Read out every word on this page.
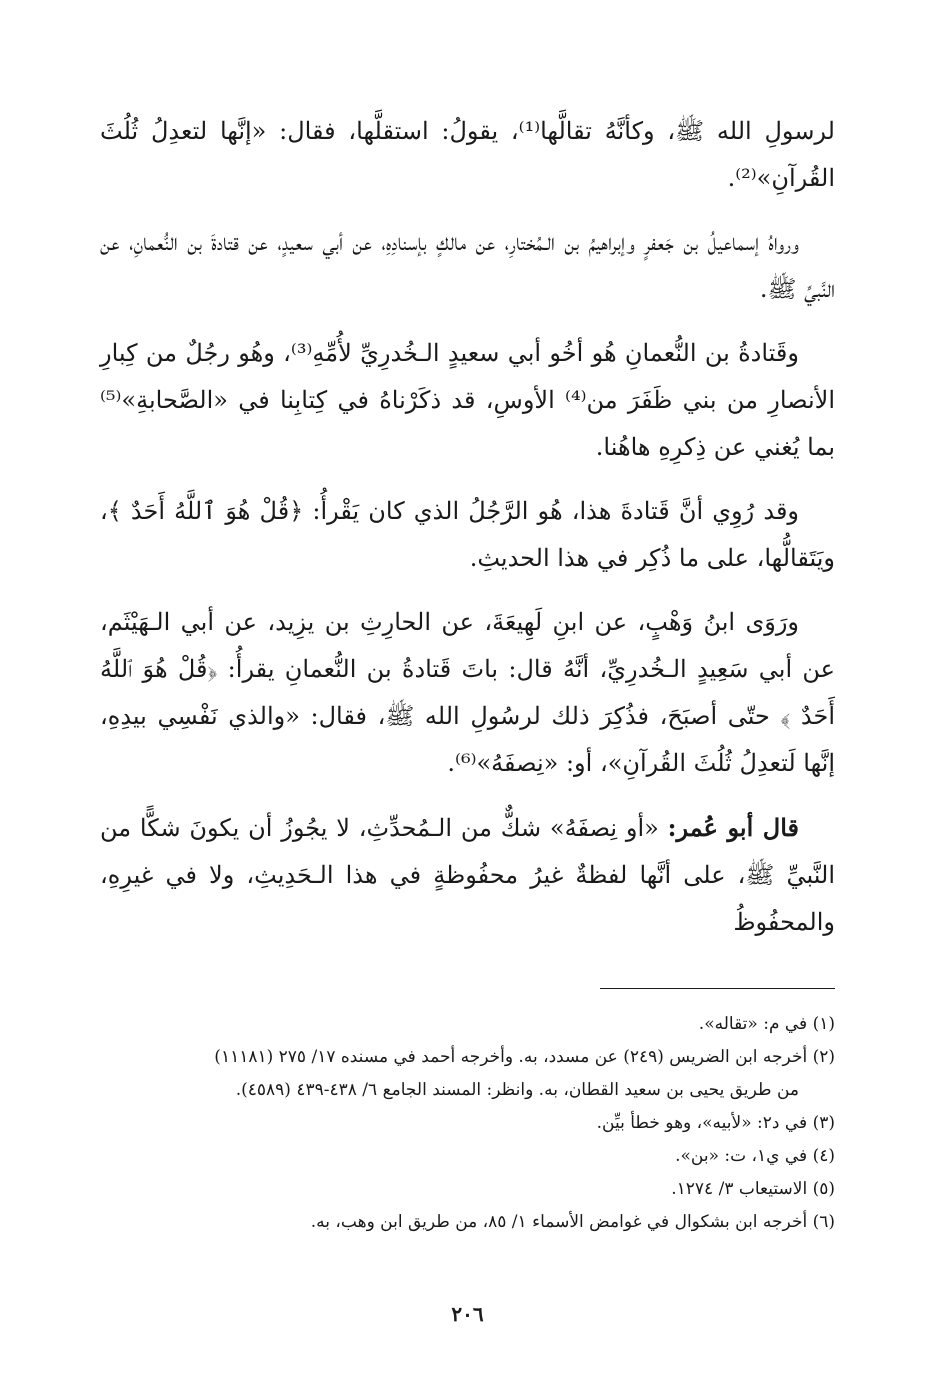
لرسولِ الله ﷺ، وكأنَّهُ تقالَّها⁽¹⁾، يقولُ: استقلَّها، فقال: «إنَّها لتعدِلُ ثُلُثَ القُرآنِ»⁽²⁾.

ورواهُ إسماعيلُ بن جَعفرٍ وإبراهيمُ بن الـمُختارِ، عن مالكٍ بإسنادِهِ، عن أبي سعيدٍ، عن قتادةَ بن النُّعمانِ، عن النَّبيِّ ﷺ.

وقَتادةُ بن النُّعمانِ هُو أخُو أبي سعيدٍ الـخُدرِيِّ لأُمِّهِ⁽³⁾، وهُو رجُلٌ من كِبارِ الأنصارِ من بني ظَفَرَ من⁽⁴⁾ الأوسِ، قد ذكَرْناهُ في كِتابِنا في «الصَّحابةِ»⁽⁵⁾ بما يُغني عن ذِكرِهِ هاهُنا.

وقد رُوِي أنَّ قَتادةَ هذا، هُو الرَّجُلُ الذي كان يَقْرأُ: ﴿قُلْ هُوَ ٱللَّهُ أَحَدٌ ﴾، ويَتَقالُّها، على ما ذُكِر في هذا الحديثِ.

ورَوَى ابنُ وَهْبٍ، عن ابنِ لَهِيعَةَ، عن الحارِثِ بن يزِيد، عن أبي الـهَيْثَم، عن أبي سَعِيدٍ الـخُدرِيِّ، أنَّهُ قال: باتَ قَتادةُ بن النُّعمانِ يقرأُ: ﴿قُلْ هُوَ ٱللَّهُ أَحَدٌ ﴾ حتّى أصبَحَ، فذُكِرَ ذلك لرسُولِ الله ﷺ، فقال: «والذي نَفْسِي بيدِهِ، إنَّها لَتعدِلُ ثُلُثَ القُرآنِ»، أو: «نِصفَهُ»⁽⁶⁾.

قال أبو عُمر: «أو نِصفَهُ» شكٌّ من الـمُحدِّثِ، لا يجُوزُ أن يكونَ شكًّا من النَّبيِّ ﷺ، على أنَّها لفظةٌ غيرُ محفُوظةٍ في هذا الـحَدِيثِ، ولا في غيرِهِ، والمحفُوظُ

(١) في م: «تقاله».

(٢) أخرجه ابن الضريس (٢٤٩) عن مسدد، به. وأخرجه أحمد في مسنده ١٧/ ٢٧٥ (١١١٨١)
من طريق يحيى بن سعيد القطان، به. وانظر: المسند الجامع ٦/ ٤٣٨-٤٣٩ (٤٥٨٩).

(٣) في د٢: «لأبيه»، وهو خطأ بيِّن.

(٤) في ي١، ت: «بن».

(٥) الاستيعاب ٣/ ١٢٧٤.

(٦) أخرجه ابن بشكوال في غوامض الأسماء ١/ ٨٥، من طريق ابن وهب، به.

٢٠٦
